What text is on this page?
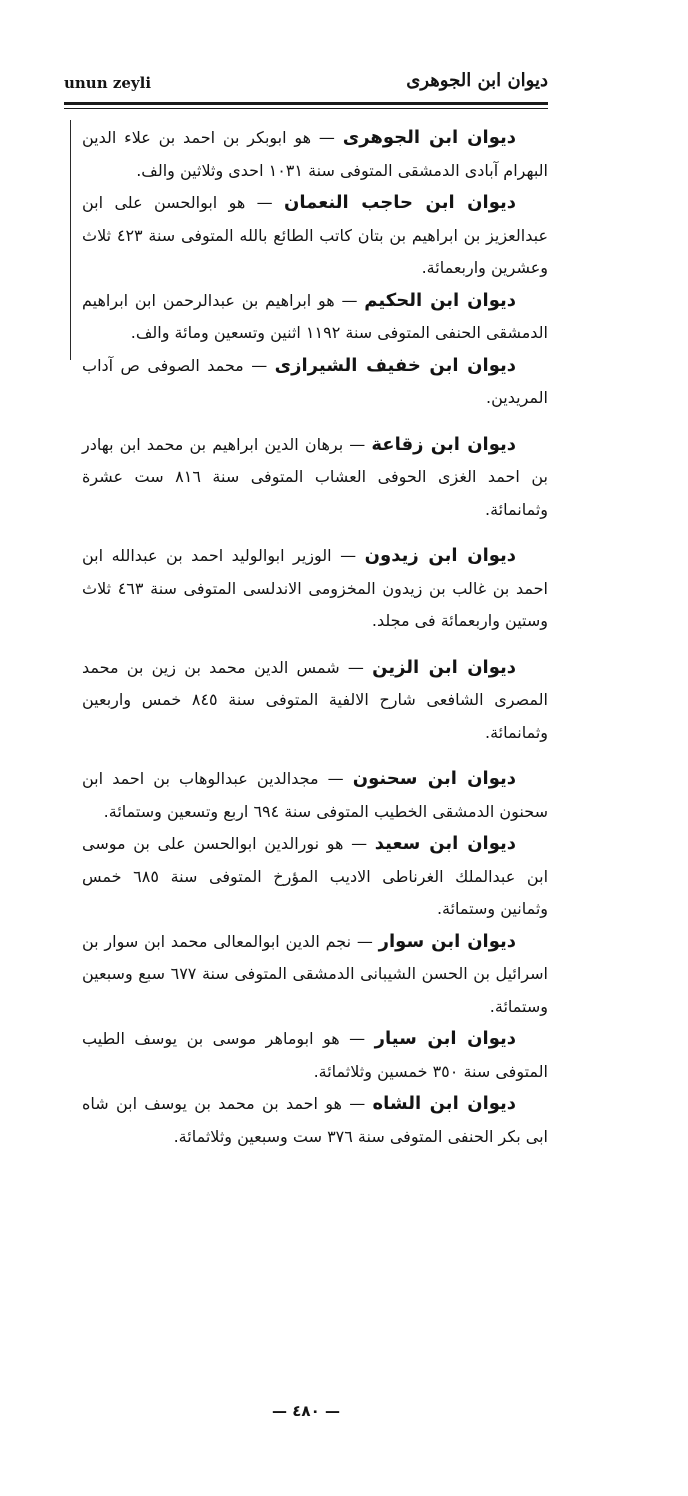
unun zeyli	ديوان ابن الجوهرى

ديوان ابن الجوهرى — هو ابوبكر بن احمد بن علاء الدين البهرام آبادى الدمشقى المتوفى سنة ١٠٣١ احدى وثلاثين والف.

ديوان ابن حاجب النعمان — هو ابوالحسن على ابن عبدالعزيز بن ابراهيم بن بتان كاتب الطائع بالله المتوفى سنة ٤٢٣ ثلاث وعشرين واربعمائة.

ديوان ابن الحكيم — هو ابراهيم بن عبدالرحمن ابن ابراهيم الدمشقى الحنفى المتوفى سنة ١١٩٢ اثنين وتسعين ومائة والف.

ديوان ابن خفيف الشيرازى — محمد الصوفى ص آداب المريدين.

ديوان ابن زقاعة — برهان الدين ابراهيم بن محمد ابن بهادر بن احمد الغزى الحوفى العشاب المتوفى سنة ٨١٦ ست عشرة وثمانمائة.

ديوان ابن زيدون — الوزير ابوالوليد احمد بن عبدالله ابن احمد بن غالب بن زيدون المخزومى الاندلسى المتوفى سنة ٤٦٣ ثلاث وستين واربعمائة فى مجلد.

ديوان ابن الزين — شمس الدين محمد بن زين بن محمد المصرى الشافعى شارح الالفية المتوفى سنة ٨٤٥ خمس واربعين وثمانمائة.

ديوان ابن سحنون — مجدالدين عبدالوهاب بن احمد ابن سحنون الدمشقى الخطيب المتوفى سنة ٦٩٤ اربع وتسعين وستمائة.

ديوان ابن سعيد — هو نورالدين ابوالحسن على بن موسى ابن عبدالملك الغرناطى الاديب المؤرخ المتوفى سنة ٦٨٥ خمس وثمانين وستمائة.

ديوان ابن سوار — نجم الدين ابوالمعالى محمد ابن سوار بن اسرائيل بن الحسن الشيبانى الدمشقى المتوفى سنة ٦٧٧ سبع وسبعين وستمائة.

ديوان ابن سيار — هو ابوماهر موسى بن يوسف الطيب المتوفى سنة ٣٥٠ خمسين وثلاثمائة.

ديوان ابن الشاه — هو احمد بن محمد بن يوسف ابن شاه ابى بكر الحنفى المتوفى سنة ٣٧٦ ست وسبعين وثلاثمائة.

— ٤٨٠ —
